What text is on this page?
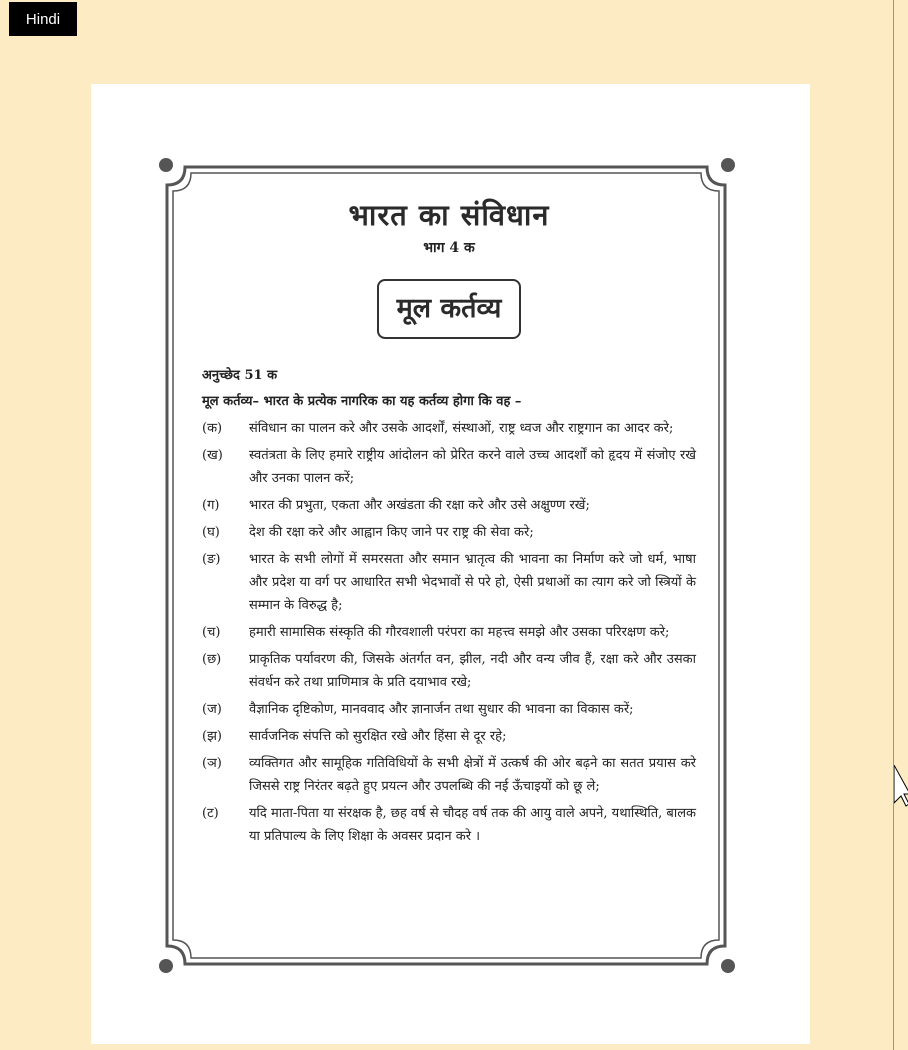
Hindi
भारत का संविधान

भाग 4 क

मूल कर्तव्य

अनुच्छेद 51 क

मूल कर्तव्य– भारत के प्रत्येक नागरिक का यह कर्तव्य होगा कि वह –

(क)	संविधान का पालन करे और उसके आदर्शों, संस्थाओं, राष्ट्र ध्वज और राष्ट्रगान का आदर करे;
(ख)	स्वतंत्रता के लिए हमारे राष्ट्रीय आंदोलन को प्रेरित करने वाले उच्च आदर्शों को हृदय में संजोए रखे और उनका पालन करें;
(ग)	भारत की प्रभुता, एकता और अखंडता की रक्षा करे और उसे अक्षुण्ण रखें;
(घ)	देश की रक्षा करे और आह्वान किए जाने पर राष्ट्र की सेवा करे;
(ङ)	भारत के सभी लोगों में समरसता और समान भ्रातृत्व की भावना का निर्माण करे जो धर्म, भाषा और प्रदेश या वर्ग पर आधारित सभी भेदभावों से परे हो, ऐसी प्रथाओं का त्याग करे जो स्त्रियों के सम्मान के विरुद्ध है;
(च)	हमारी सामासिक संस्कृति की गौरवशाली परंपरा का महत्त्व समझे और उसका परिरक्षण करे;
(छ)	प्राकृतिक पर्यावरण की, जिसके अंतर्गत वन, झील, नदी और वन्य जीव हैं, रक्षा करे और उसका संवर्धन करे तथा प्राणिमात्र के प्रति दयाभाव रखे;
(ज)	वैज्ञानिक दृष्टिकोण, मानववाद और ज्ञानार्जन तथा सुधार की भावना का विकास करें;
(झ)	सार्वजनिक संपत्ति को सुरक्षित रखे और हिंसा से दूर रहे;
(ञ)	व्यक्तिगत और सामूहिक गतिविधियों के सभी क्षेत्रों में उत्कर्ष की ओर बढ़ने का सतत प्रयास करे जिससे राष्ट्र निरंतर बढ़ते हुए प्रयत्न और उपलब्धि की नई ऊँचाइयों को छू ले;
(ट)	यदि माता-पिता या संरक्षक है, छह वर्ष से चौदह वर्ष तक की आयु वाले अपने, यथास्थिति, बालक या प्रतिपाल्य के लिए शिक्षा के अवसर प्रदान करे ।
